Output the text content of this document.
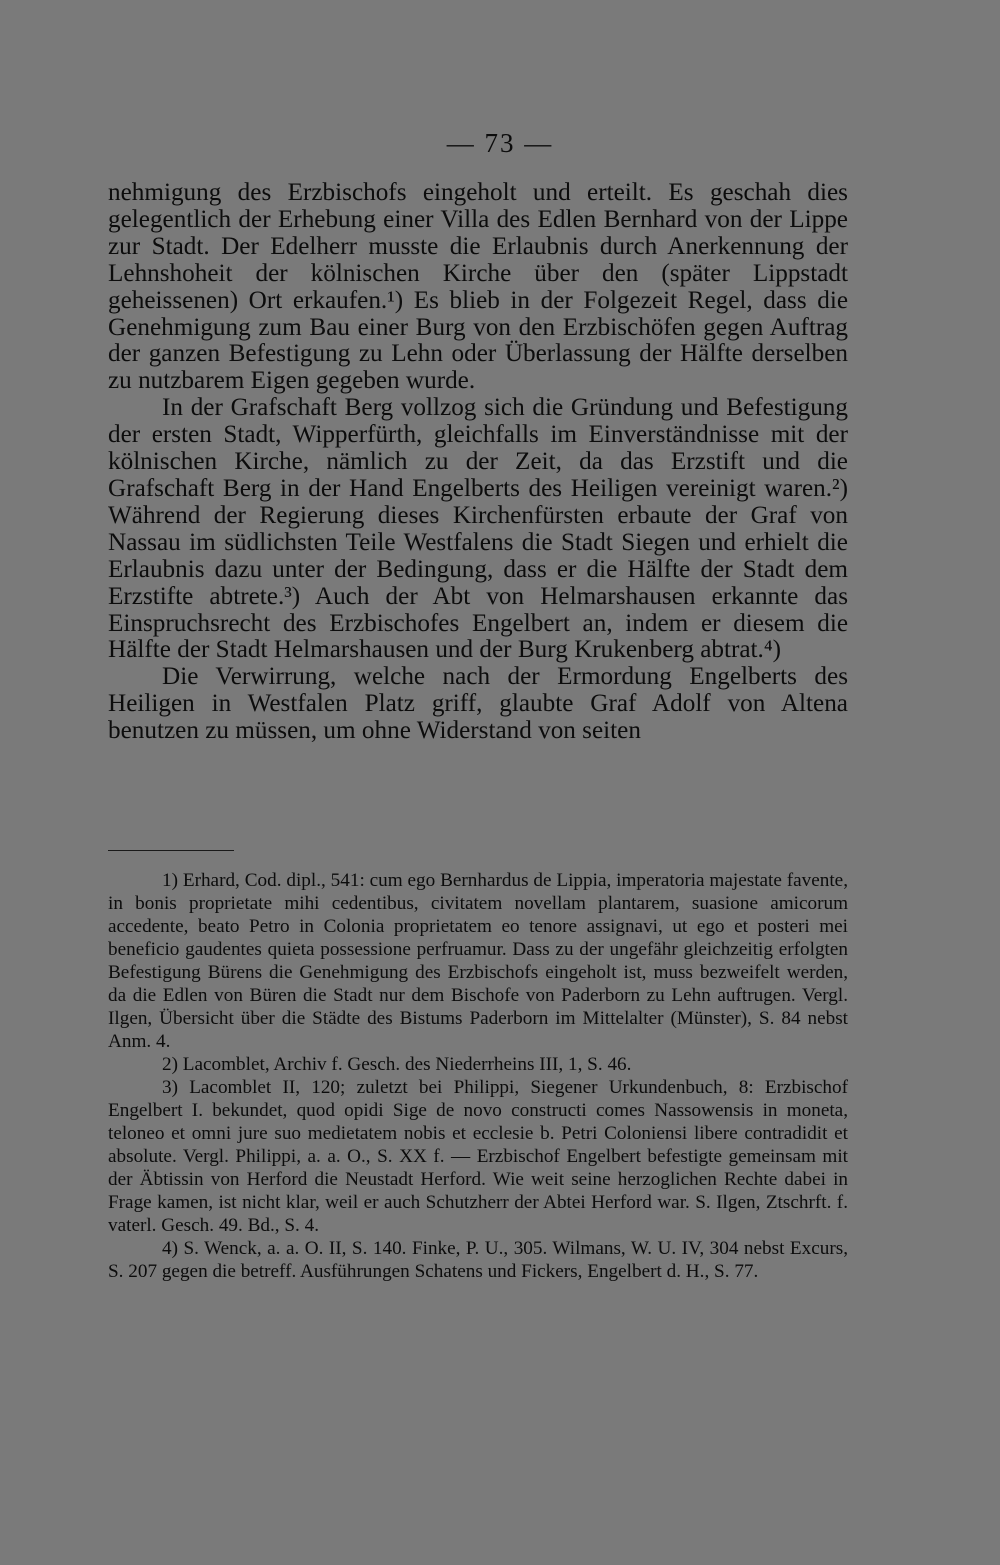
— 73 —

nehmigung des Erzbischofs eingeholt und erteilt. Es geschah dies gelegentlich der Erhebung einer Villa des Edlen Bernhard von der Lippe zur Stadt. Der Edelherr musste die Erlaubnis durch Anerkennung der Lehnshoheit der kölnischen Kirche über den (später Lippstadt geheissenen) Ort erkaufen.¹) Es blieb in der Folgezeit Regel, dass die Genehmigung zum Bau einer Burg von den Erzbischöfen gegen Auftrag der ganzen Befestigung zu Lehn oder Überlassung der Hälfte derselben zu nutzbarem Eigen gegeben wurde.

In der Grafschaft Berg vollzog sich die Gründung und Befestigung der ersten Stadt, Wipperfürth, gleichfalls im Einverständnisse mit der kölnischen Kirche, nämlich zu der Zeit, da das Erzstift und die Grafschaft Berg in der Hand Engelberts des Heiligen vereinigt waren.²) Während der Regierung dieses Kirchenfürsten erbaute der Graf von Nassau im südlichsten Teile Westfalens die Stadt Siegen und erhielt die Erlaubnis dazu unter der Bedingung, dass er die Hälfte der Stadt dem Erzstifte abtrete.³) Auch der Abt von Helmarshausen erkannte das Einspruchsrecht des Erzbischofes Engelbert an, indem er diesem die Hälfte der Stadt Helmarshausen und der Burg Krukenberg abtrat.⁴)

Die Verwirrung, welche nach der Ermordung Engelberts des Heiligen in Westfalen Platz griff, glaubte Graf Adolf von Altena benutzen zu müssen, um ohne Widerstand von seiten

1) Erhard, Cod. dipl., 541: cum ego Bernhardus de Lippia, imperatoria majestate favente, in bonis proprietate mihi cedentibus, civitatem novellam plantarem, suasione amicorum accedente, beato Petro in Colonia proprietatem eo tenore assignavi, ut ego et posteri mei beneficio gaudentes quieta possessione perfruamur. Dass zu der ungefähr gleichzeitig erfolgten Befestigung Bürens die Genehmigung des Erzbischofs eingeholt ist, muss bezweifelt werden, da die Edlen von Büren die Stadt nur dem Bischofe von Paderborn zu Lehn auftrugen. Vergl. Ilgen, Übersicht über die Städte des Bistums Paderborn im Mittelalter (Münster), S. 84 nebst Anm. 4.

2) Lacomblet, Archiv f. Gesch. des Niederrheins III, 1, S. 46.

3) Lacomblet II, 120; zuletzt bei Philippi, Siegener Urkundenbuch, 8: Erzbischof Engelbert I. bekundet, quod opidi Sige de novo constructi comes Nassowensis in moneta, teloneo et omni jure suo medietatem nobis et ecclesie b. Petri Coloniensi libere contradidit et absolute. Vergl. Philippi, a. a. O., S. XX f. — Erzbischof Engelbert befestigte gemeinsam mit der Äbtissin von Herford die Neustadt Herford. Wie weit seine herzoglichen Rechte dabei in Frage kamen, ist nicht klar, weil er auch Schutzherr der Abtei Herford war. S. Ilgen, Ztschrft. f. vaterl. Gesch. 49. Bd., S. 4.

4) S. Wenck, a. a. O. II, S. 140. Finke, P. U., 305. Wilmans, W. U. IV, 304 nebst Excurs, S. 207 gegen die betreff. Ausführungen Schatens und Fickers, Engelbert d. H., S. 77.
